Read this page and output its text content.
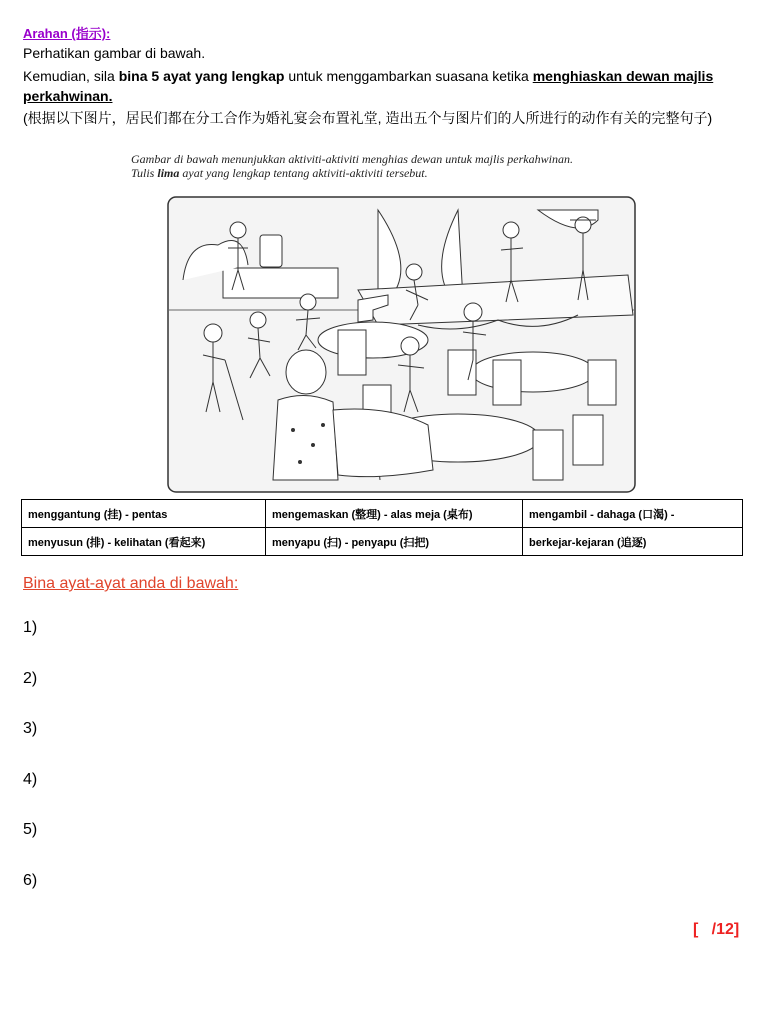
Arahan (指示):
Perhatikan gambar di bawah.
Kemudian, sila bina 5 ayat yang lengkap untuk menggambarkan suasana ketika menghiaskan dewan majlis perkahwinan.
(根据以下图片，居民们都在分工合作为婚礼宴会布置礼堂, 造出五个与图片们的人所进行的动作有关的完整句子)
Gambar di bawah menunjukkan aktiviti-aktiviti menghias dewan untuk majlis perkahwinan.
Tulis lima ayat yang lengkap tentang aktiviti-aktiviti tersebut.
menggantung (挂) - pentas	mengemaskan (整理) - alas meja (桌布)	mengambil - dahaga (口渴) -
menyusun (排) - kelihatan (看起来)	menyapu (扫) - penyapu (扫把)	berkejar-kejaran (追逐)
Bina ayat-ayat anda di bawah:
1)
2)
3)
4)
5)
6)
[   /12]
